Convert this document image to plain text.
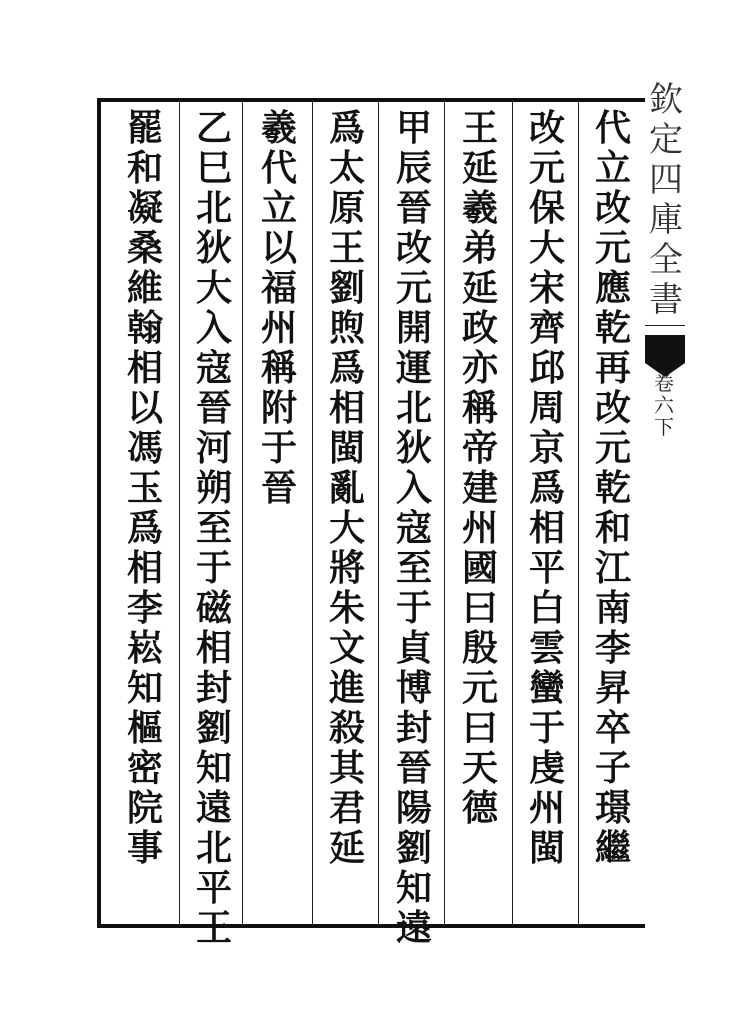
代
立
改
元
應
乾
再
改
元
乾
和
江
南
李
昇
卒
子
璟
繼
改
元
保
大
宋
齊
邱
周
京
爲
相
平
白
雲
蠻
于
虔
州
閩
王
延
羲
弟
延
政
亦
稱
帝
建
州
國
曰
殷
元
曰
天
德
甲
辰
晉
改
元
開
運
北
狄
入
寇
至
于
貞
博
封
晉
陽
劉
知
遠
爲
太
原
王
劉
煦
爲
相
閩
亂
大
將
朱
文
進
殺
其
君
延
羲
代
立
以
福
州
稱
附
于
晉
乙
巳
北
狄
大
入
寇
晉
河
朔
至
于
磁
相
封
劉
知
遠
北
平
王
罷
和
凝
桑
維
翰
相
以
馮
玉
爲
相
李
崧
知
樞
密
院
事
欽
定
四
庫
全
書
卷
六
下
